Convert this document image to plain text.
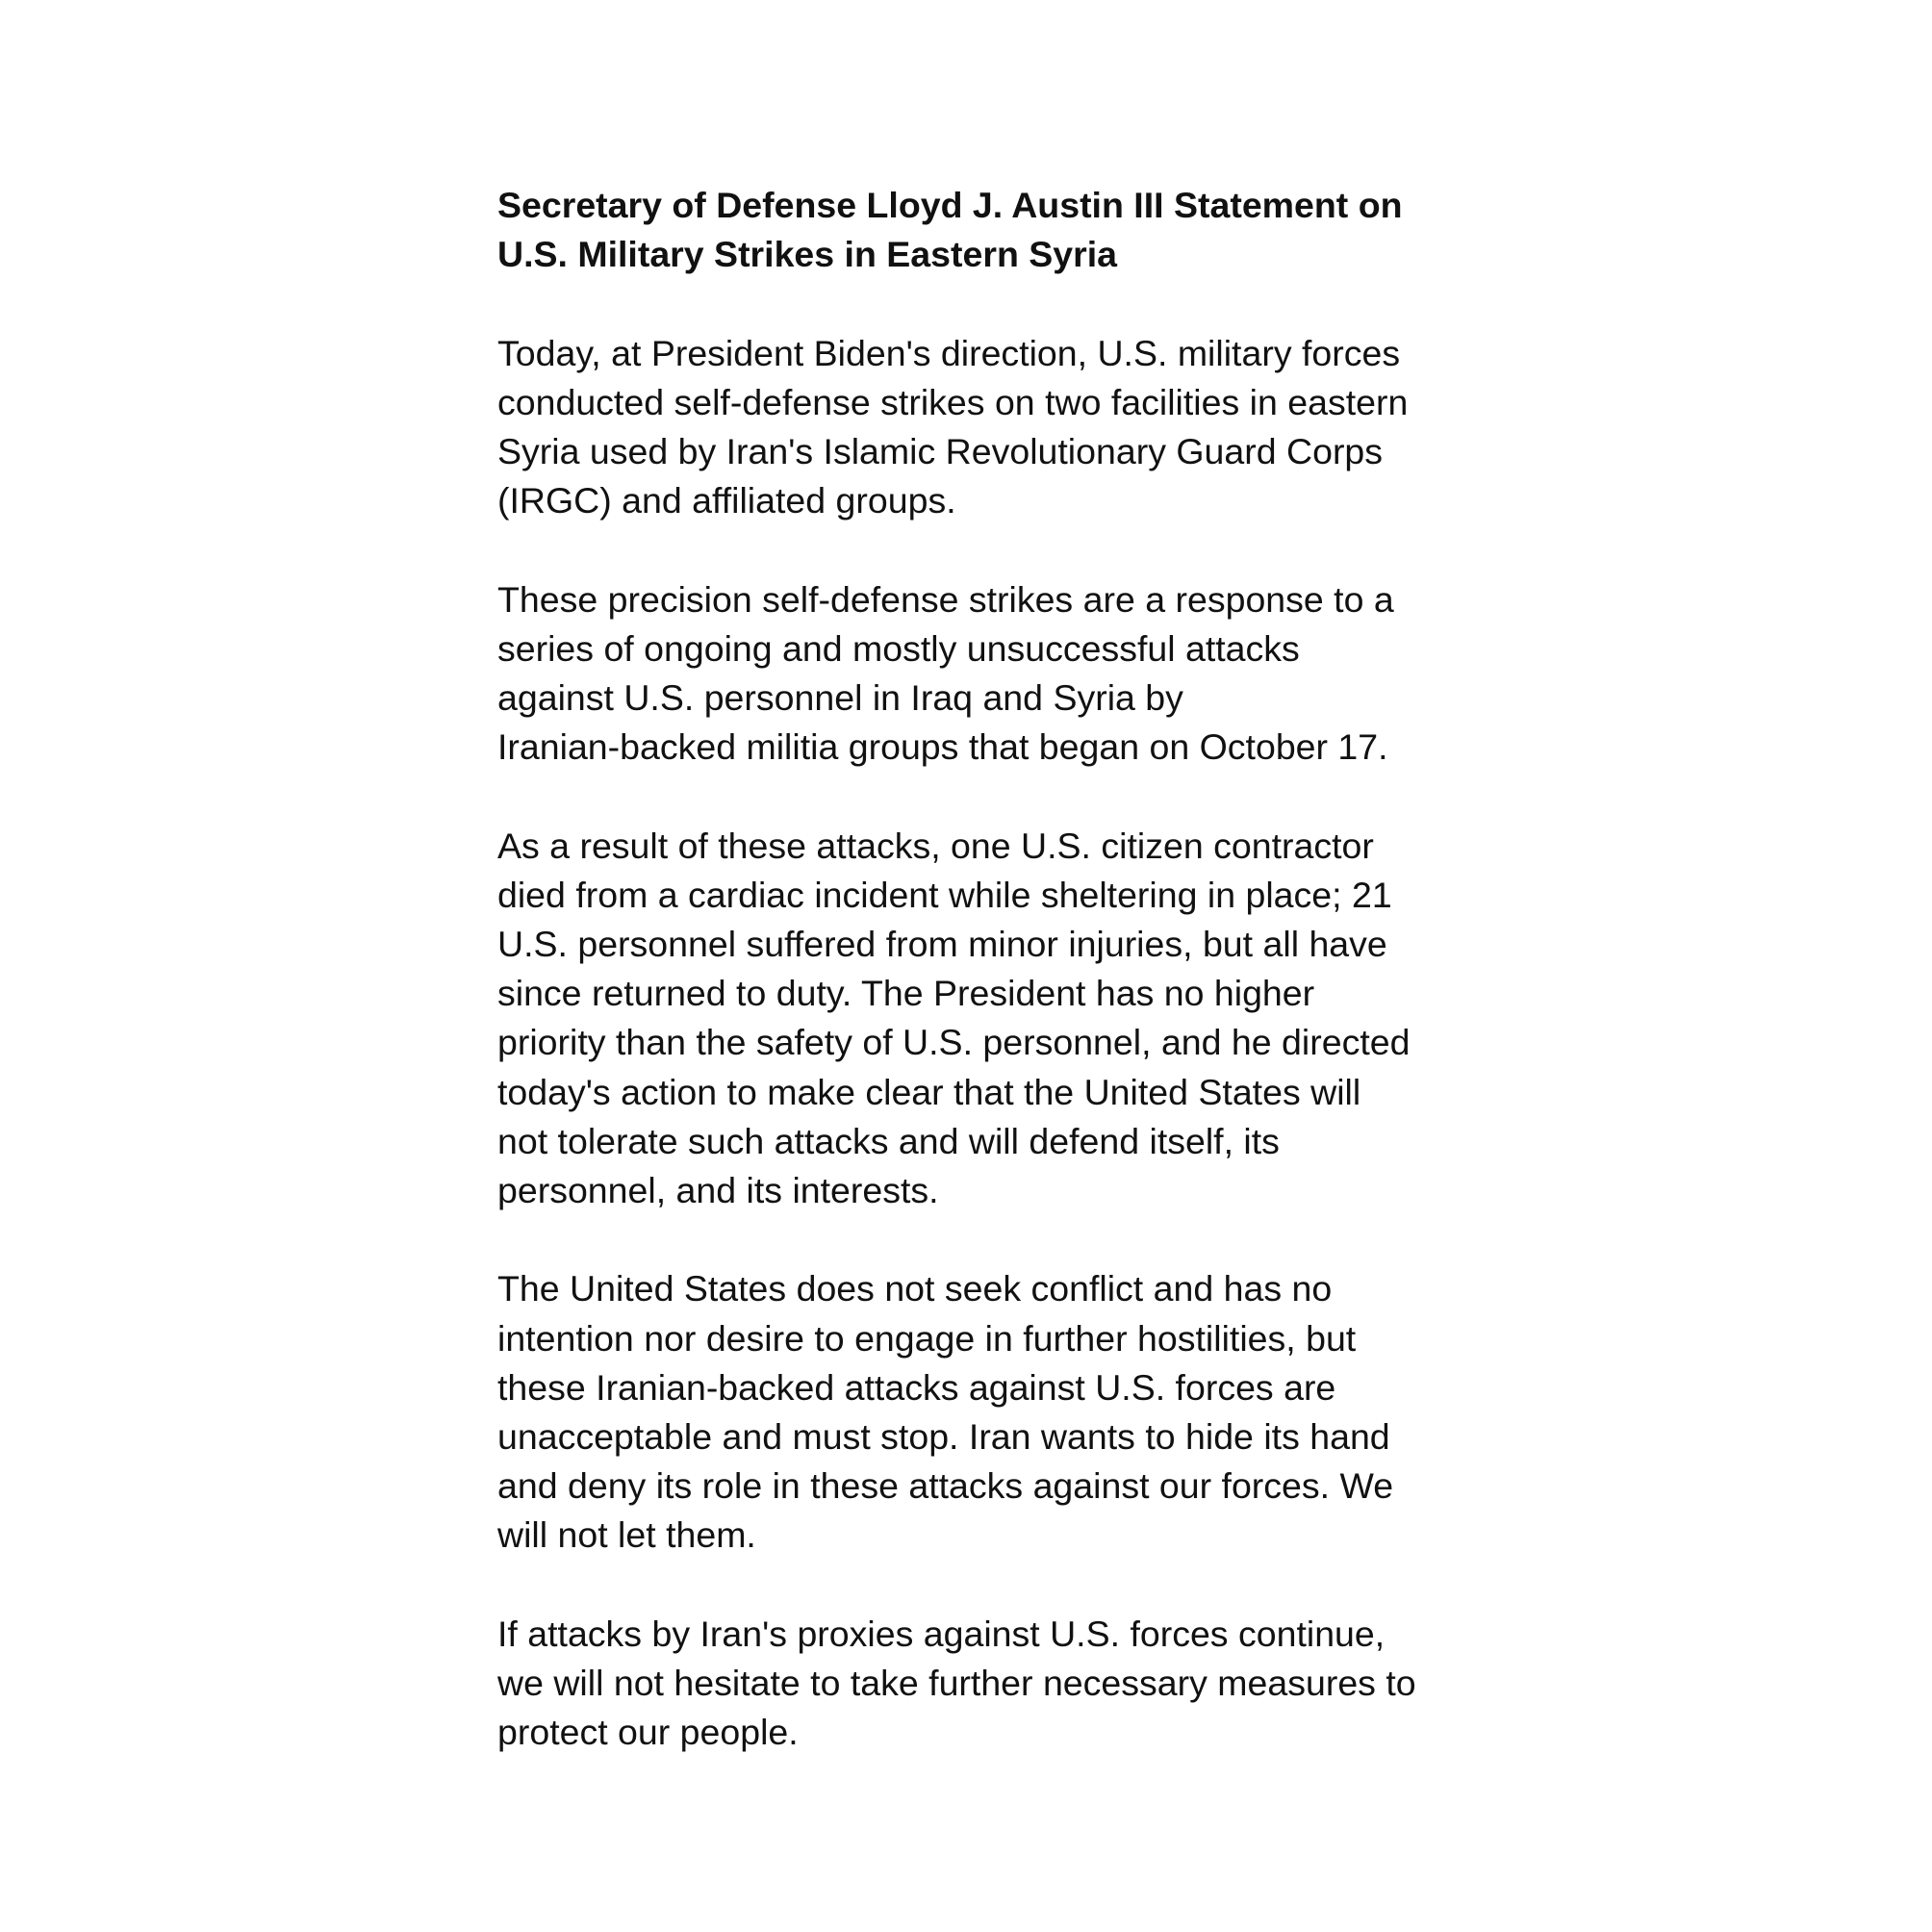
Secretary of Defense Lloyd J. Austin III Statement on
U.S. Military Strikes in Eastern Syria

Today, at President Biden's direction, U.S. military forces
conducted self-defense strikes on two facilities in eastern
Syria used by Iran's Islamic Revolutionary Guard Corps
(IRGC) and affiliated groups.

These precision self-defense strikes are a response to a
series of ongoing and mostly unsuccessful attacks
against U.S. personnel in Iraq and Syria by
Iranian-backed militia groups that began on October 17.

As a result of these attacks, one U.S. citizen contractor
died from a cardiac incident while sheltering in place; 21
U.S. personnel suffered from minor injuries, but all have
since returned to duty. The President has no higher
priority than the safety of U.S. personnel, and he directed
today's action to make clear that the United States will
not tolerate such attacks and will defend itself, its
personnel, and its interests.

The United States does not seek conflict and has no
intention nor desire to engage in further hostilities, but
these Iranian-backed attacks against U.S. forces are
unacceptable and must stop. Iran wants to hide its hand
and deny its role in these attacks against our forces. We
will not let them.

If attacks by Iran's proxies against U.S. forces continue,
we will not hesitate to take further necessary measures to
protect our people.
